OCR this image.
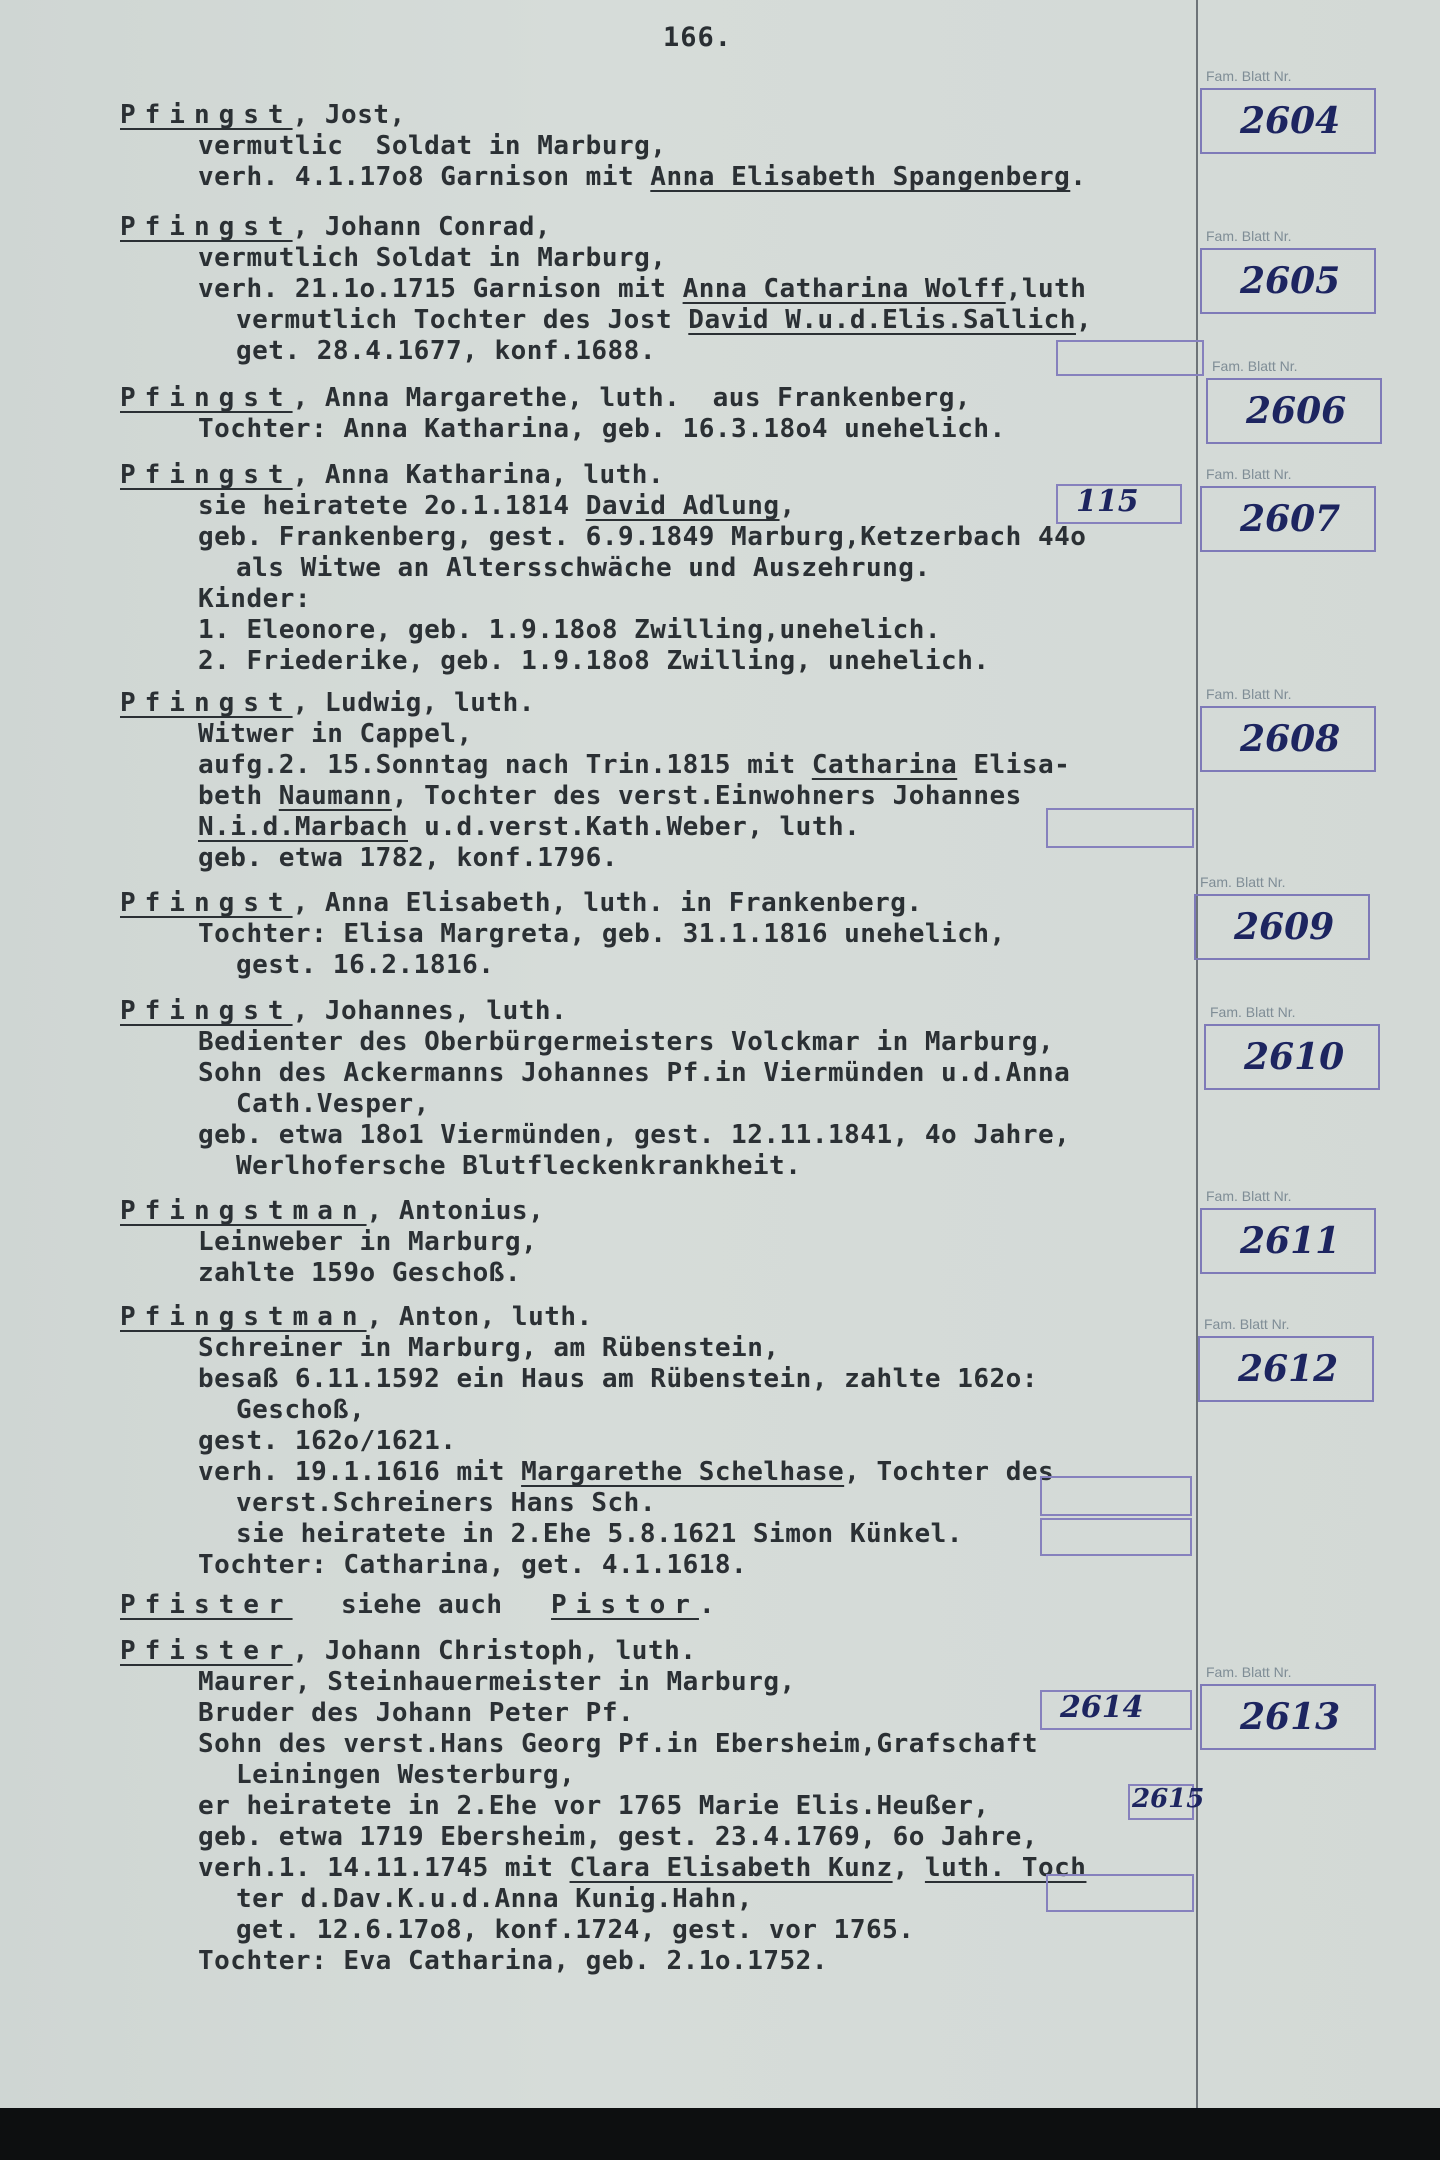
166.
Pfingst, Jost,
vermutlic  Soldat in Marburg,
verh. 4.1.17o8 Garnison mit Anna Elisabeth Spangenberg.
Pfingst, Johann Conrad,
vermutlich Soldat in Marburg,
verh. 21.1o.1715 Garnison mit Anna Catharina Wolff,luth
vermutlich Tochter des Jost David W.u.d.Elis.Sallich,
get. 28.4.1677, konf.1688.
Pfingst, Anna Margarethe, luth.  aus Frankenberg,
Tochter: Anna Katharina, geb. 16.3.18o4 unehelich.
Pfingst, Anna Katharina, luth.
sie heiratete 2o.1.1814 David Adlung,
geb. Frankenberg, gest. 6.9.1849 Marburg,Ketzerbach 44o
als Witwe an Altersschwäche und Auszehrung.
Kinder:
1. Eleonore, geb. 1.9.18o8 Zwilling,unehelich.
2. Friederike, geb. 1.9.18o8 Zwilling, unehelich.
Pfingst, Ludwig, luth.
Witwer in Cappel,
aufg.2. 15.Sonntag nach Trin.1815 mit Catharina Elisa-
beth Naumann, Tochter des verst.Einwohners Johannes
N.i.d.Marbach u.d.verst.Kath.Weber, luth.
geb. etwa 1782, konf.1796.
Pfingst, Anna Elisabeth, luth. in Frankenberg.
Tochter: Elisa Margreta, geb. 31.1.1816 unehelich,
gest. 16.2.1816.
Pfingst, Johannes, luth.
Bedienter des Oberbürgermeisters Volckmar in Marburg,
Sohn des Ackermanns Johannes Pf.in Viermünden u.d.Anna
Cath.Vesper,
geb. etwa 18o1 Viermünden, gest. 12.11.1841, 4o Jahre,
Werlhofersche Blutfleckenkrankheit.
Pfingstman, Antonius,
Leinweber in Marburg,
zahlte 159o Geschoß.
Pfingstman, Anton, luth.
Schreiner in Marburg, am Rübenstein,
besaß 6.11.1592 ein Haus am Rübenstein, zahlte 162o:
Geschoß,
gest. 162o/1621.
verh. 19.1.1616 mit Margarethe Schelhase, Tochter des
verst.Schreiners Hans Sch.
sie heiratete in 2.Ehe 5.8.1621 Simon Künkel.
Tochter: Catharina, get. 4.1.1618.
Pfister   siehe auch   Pistor.
Pfister, Johann Christoph, luth.
Maurer, Steinhauermeister in Marburg,
Bruder des Johann Peter Pf.
Sohn des verst.Hans Georg Pf.in Ebersheim,Grafschaft
Leiningen Westerburg,
er heiratete in 2.Ehe vor 1765 Marie Elis.Heußer,
geb. etwa 1719 Ebersheim, gest. 23.4.1769, 6o Jahre,
verh.1. 14.11.1745 mit Clara Elisabeth Kunz, luth. Toch
ter d.Dav.K.u.d.Anna Kunig.Hahn,
get. 12.6.17o8, konf.1724, gest. vor 1765.
Tochter: Eva Catharina, geb. 2.1o.1752.
Fam. Blatt Nr.
2604
Fam. Blatt Nr.
2605
Fam. Blatt Nr.
2606
Fam. Blatt Nr.
2607
Fam. Blatt Nr.
2608
Fam. Blatt Nr.
2609
Fam. Blatt Nr.
2610
Fam. Blatt Nr.
2611
Fam. Blatt Nr.
2612
Fam. Blatt Nr.
2613
115
2614
2615
